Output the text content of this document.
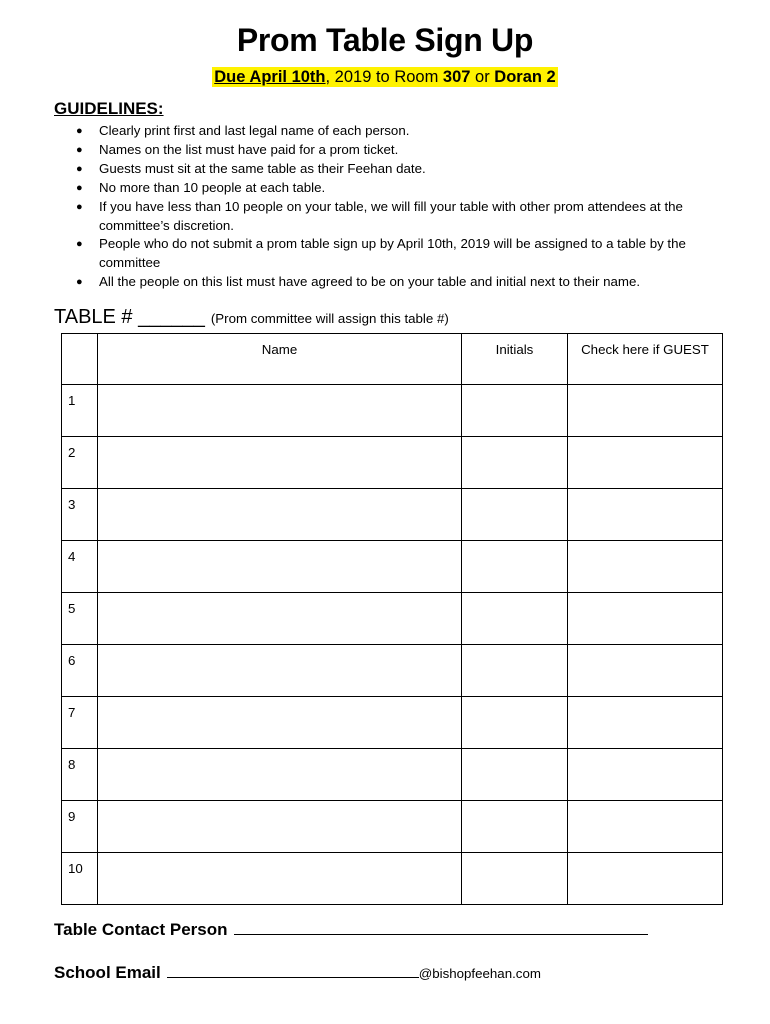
Prom Table Sign Up
Due April 10th, 2019 to Room 307 or Doran 2
GUIDELINES:
● Clearly print first and last legal name of each person.
● Names on the list must have paid for a prom ticket.
● Guests must sit at the same table as their Feehan date.
● No more than 10 people at each table.
● If you have less than 10 people on your table, we will fill your table with other prom attendees at the committee’s discretion.
● People who do not submit a prom table sign up by April 10th, 2019 will be assigned to a table by the committee
● All the people on this list must have agreed to be on your table and initial next to their name.
TABLE # ______ (Prom committee will assign this table #)
	Name	Initials	Check here if GUEST
1			
2			
3			
4			
5			
6			
7			
8			
9			
10			
Table Contact Person
School Email	@bishopfeehan.com
